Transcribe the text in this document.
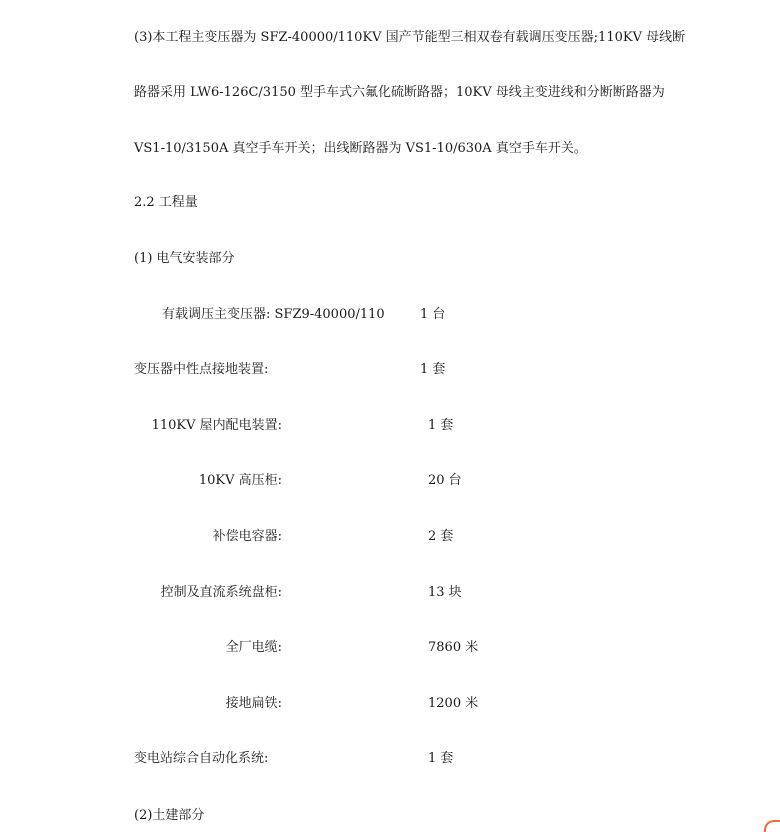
(3)本工程主变压器为 SFZ-40000/110KV 国产节能型三相双卷有载调压变压器;110KV 母线断
路器采用 LW6-126C/3150 型手车式六氟化硫断路器；10KV 母线主变进线和分断断路器为
VS1-10/3150A 真空手车开关；出线断路器为 VS1-10/630A 真空手车开关。
2.2 工程量
(1) 电气安装部分
有载调压主变压器: SFZ9-40000/110	1 台
变压器中性点接地装置:	1 套
110KV 屋内配电装置:	1 套
10KV 高压柜:	20 台
补偿电容器:	2 套
控制及直流系统盘柜:	13 块
全厂电缆:	7860 米
接地扁铁:	1200 米
变电站综合自动化系统:	1 套
(2)土建部分
